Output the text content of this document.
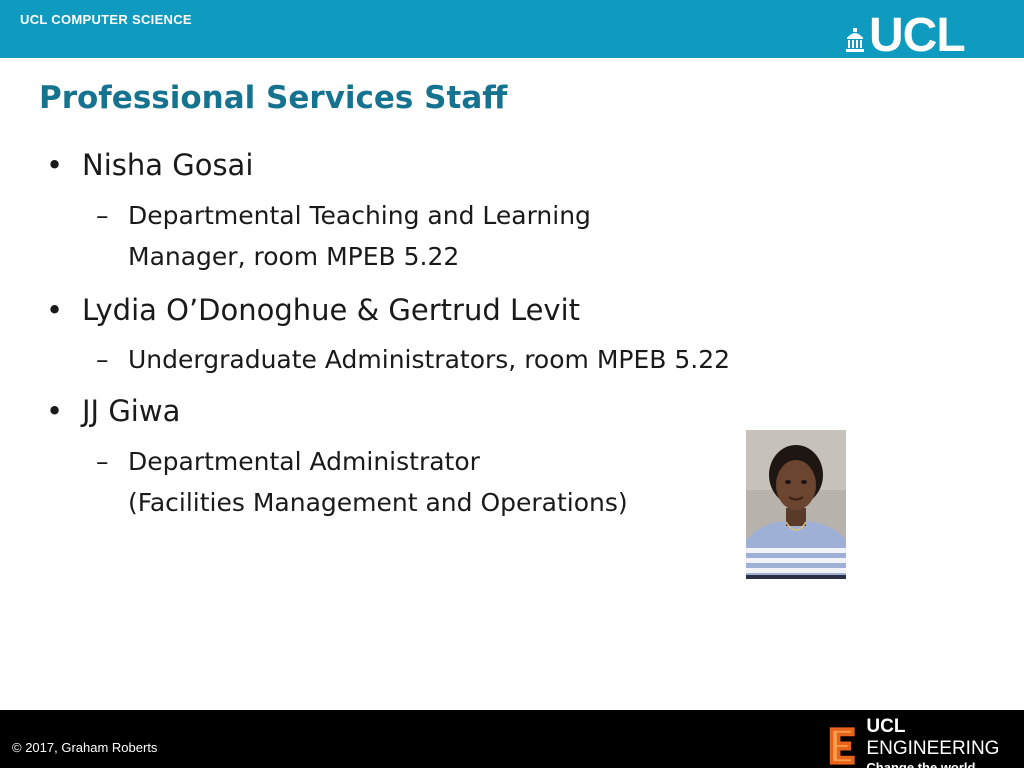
UCL COMPUTER SCIENCE	UCL
Professional Services Staff
• Nisha Gosai
– Departmental Teaching and Learning
Manager, room MPEB 5.22
• Lydia O’Donoghue & Gertrud Levit
– Undergraduate Administrators, room MPEB 5.22
• JJ Giwa
– Departmental Administrator
(Facilities Management and Operations)
© 2017, Graham Roberts
UCL ENGINEERING
Change the world
